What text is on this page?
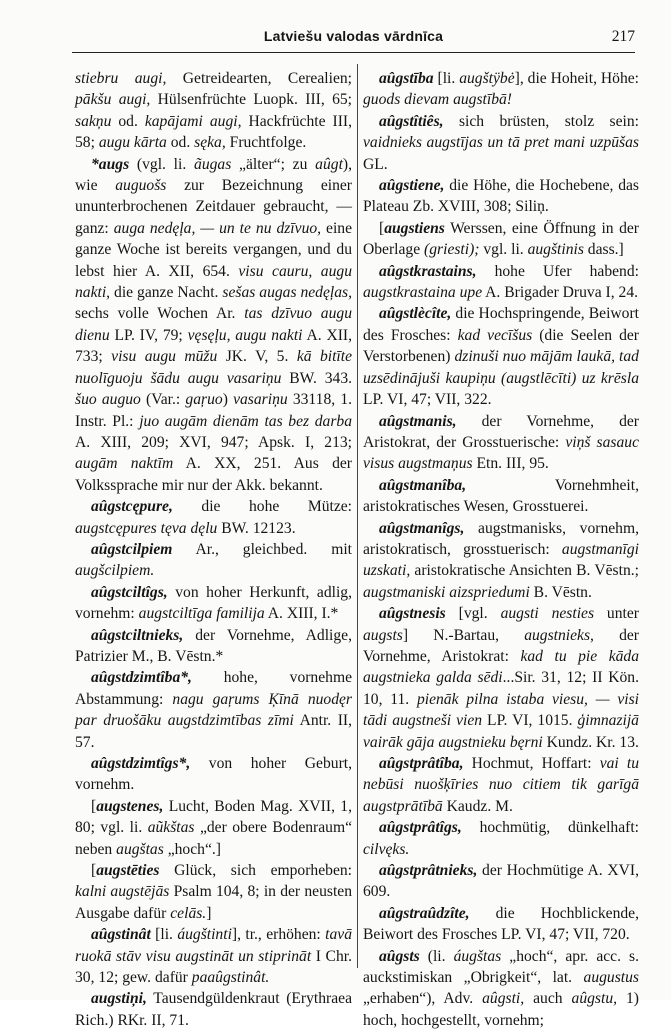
Latviešu valodas vārdnīca	217

stiebru augi, Getreidearten, Cerealien; pākšu augi, Hülsenfrüchte Luopk. III, 65; sakņu od. kapājami augi, Hackfrüchte III, 58; augu kārta od. sęka, Fruchtfolge.

*augs (vgl. li. ãugas „älter“; zu aûgt), wie auguošs zur Bezeichnung einer ununterbrochenen Zeitdauer gebraucht, — ganz: auga nedęļa, — un te nu dzīvuo, eine ganze Woche ist bereits vergangen, und du lebst hier A. XII, 654. visu cauru, augu nakti, die ganze Nacht. sešas augas nedęļas, sechs volle Wochen Ar. tas dzīvuo augu dienu LP. IV, 79; vęsęļu, augu nakti A. XII, 733; visu augu mūžu JK. V, 5. kā bitīte nuolīguoju šādu augu vasariņu BW. 343. šuo auguo (Var.: gaŗuo) vasariņu 33118, 1. Instr. Pl.: juo augām dienām tas bez darba A. XIII, 209; XVI, 947; Apsk. I, 213; augām naktīm A. XX, 251. Aus der Volkssprache mir nur der Akk. bekannt.

aûgstcępure, die hohe Mütze: augstcępures tęva dęlu BW. 12123.

aûgstcilpiem Ar., gleichbed. mit augšcilpiem.

aûgstciltîgs, von hoher Herkunft, adlig, vornehm: augstciltīga familija A. XIII, I.*

aûgstciltnieks, der Vornehme, Adlige, Patrizier M., B. Vēstn.*

aûgstdzimtîba*, hohe, vornehme Abstammung: nagu gaŗums Ķīnā nuodęr par druošāku augstdzimtības zīmi Antr. II, 57.

aûgstdzimtîgs*, von hoher Geburt, vornehm.

[augstenes, Lucht, Boden Mag. XVII, 1, 80; vgl. li. aũkštas „der obere Bodenraum“ neben augštas „hoch“.]

[augstēties Glück, sich emporheben: kalni augstējās Psalm 104, 8; in der neusten Ausgabe dafür celās.]

aûgstinât [li. áugštinti], tr., erhöhen: tavā ruokā stāv visu augstināt un stiprināt I Chr. 30, 12; gew. dafür paaûgstinât.

augstiņi, Tausendgüldenkraut (Erythraea Rich.) RKr. II, 71.

aûgstība [li. augštÿbė], die Hoheit, Höhe: guods dievam augstībā!

aûgstîtiês, sich brüsten, stolz sein: vaidnieks augstījas un tā pret mani uzpūšas GL.

aûgstiene, die Höhe, die Hochebene, das Plateau Zb. XVIII, 308; Siliņ.

[augstiens Werssen, eine Öffnung in der Oberlage (griesti); vgl. li. augštinis dass.]

aûgstkrastains, hohe Ufer habend: augstkrastaina upe A. Brigader Druva I, 24.

aûgstlècîte, die Hochspringende, Beiwort des Frosches: kad vecīšus (die Seelen der Verstorbenen) dzinuši nuo mājām laukā, tad uzsēdinājuši kaupiņu (augstlēcīti) uz krēsla LP. VI, 47; VII, 322.

aûgstmanis, der Vornehme, der Aristokrat, der Grosstuerische: viņš sasauc visus augstmaņus Etn. III, 95.

aûgstmanîba, Vornehmheit, aristokratisches Wesen, Grosstuerei.

aûgstmanîgs, augstmanisks, vornehm, aristokratisch, grosstuerisch: augstmanīgi uzskati, aristokratische Ansichten B. Vēstn.; augstmaniski aizspriedumi B. Vēstn.

aûgstnesis [vgl. augsti nesties unter augsts] N.-Bartau, augstnieks, der Vornehme, Aristokrat: kad tu pie kāda augstnieka galda sēdi...Sir. 31, 12; II Kön. 10, 11. pienāk pilna istaba viesu, — visi tādi augstneši vien LP. VI, 1015. ģimnaziјā vairāk gāja augstnieku bęrni Kundz. Kr. 13.

aûgstprâtîba, Hochmut, Hoffart: vai tu nebūsi nuošķīries nuo citiem tik garīgā augstprātībā Kaudz. M.

aûgstprâtîgs, hochmütig, dünkelhaft: cilvęks.

aûgstprâtnieks, der Hochmütige A. XVI, 609.

aûgstraûdzîte, die Hochblickende, Beiwort des Frosches LP. VI, 47; VII, 720.

aûgsts (li. áugštas „hoch“, apr. acc. s. auckstimiskan „Obrigkeit“, lat. augustus „erhaben“), Adv. aûgsti, auch aûgstu, 1) hoch, hochgestellt, vornehm;
